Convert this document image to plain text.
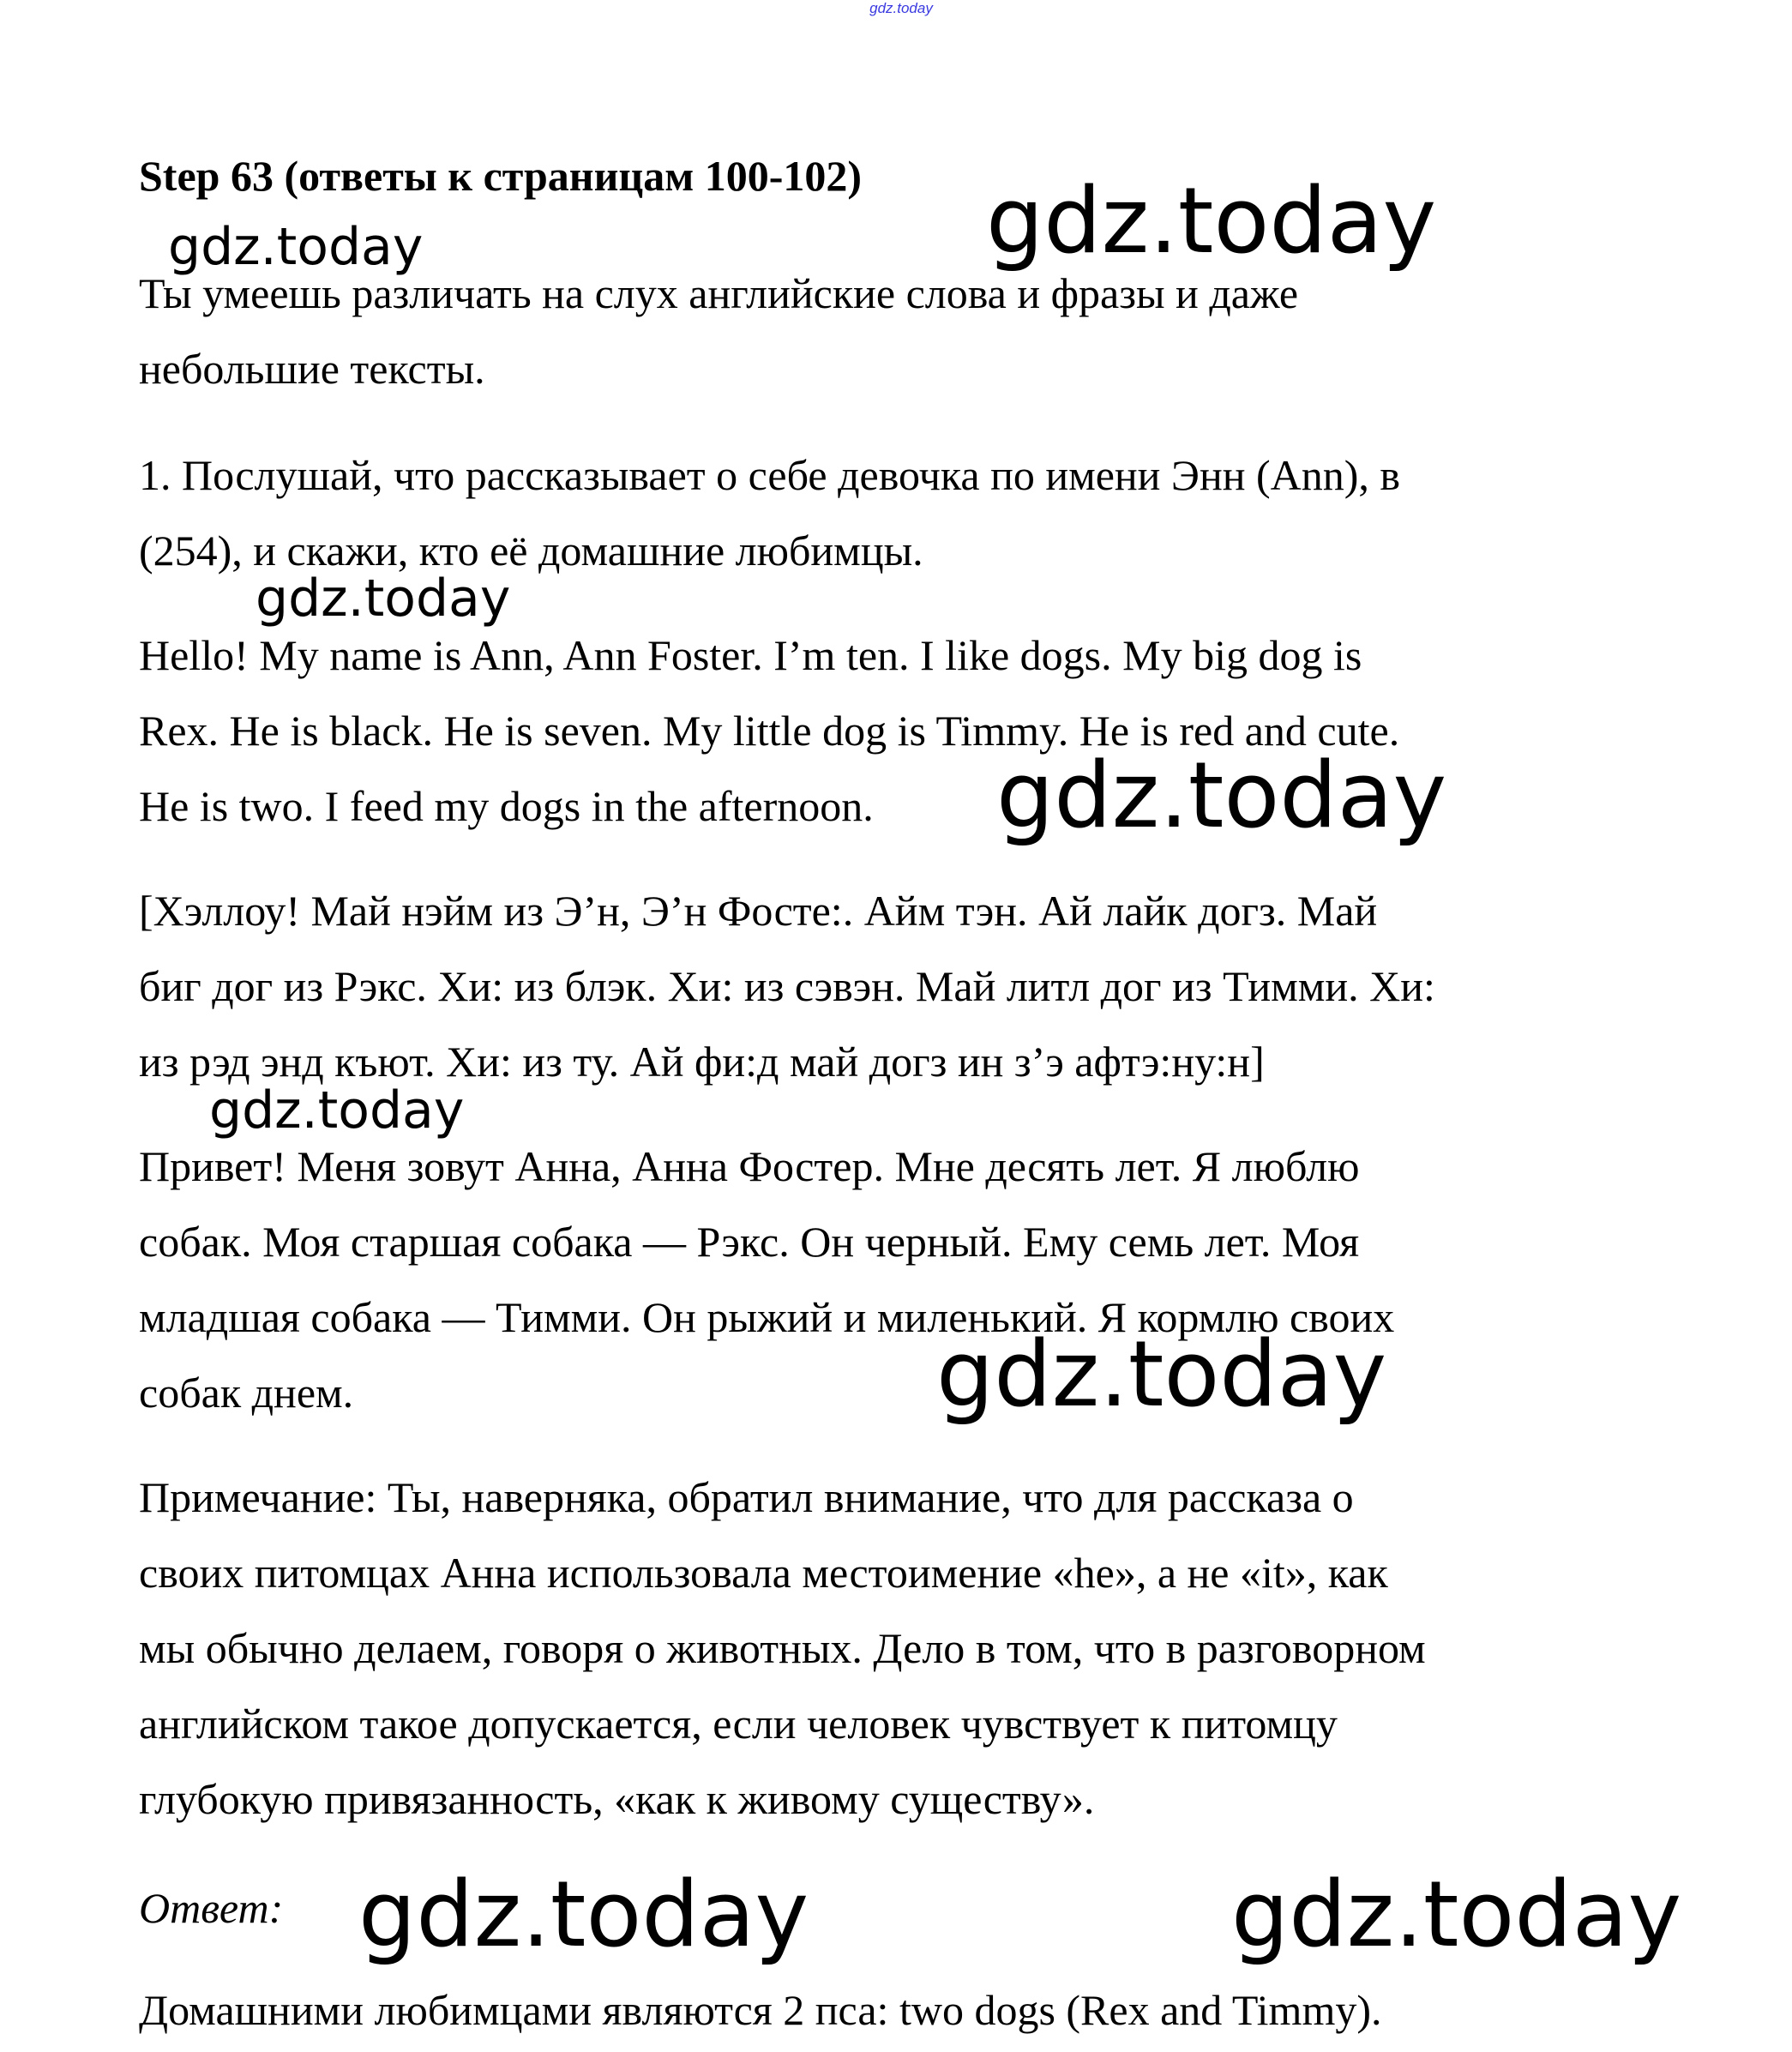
gdz.today
Step 63 (ответы к страницам 100-102)
Ты умеешь различать на слух английские слова и фразы и даже
небольшие тексты.
1. Послушай, что рассказывает о себе девочка по имени Энн (Ann), в
(254), и скажи, кто её домашние любимцы.
Hello! My name is Ann, Ann Foster. I’m ten. I like dogs. My big dog is
Rex. He is black. He is seven. My little dog is Timmy. He is red and cute.
He is two. I feed my dogs in the afternoon.
[Хэллоу! Май нэйм из Э’н, Э’н Фосте:. Айм тэн. Ай лайк догз. Май
биг дог из Рэкс. Хи: из блэк. Хи: из сэвэн. Май литл дог из Тимми. Хи:
из рэд энд къют. Хи: из ту. Ай фи:д май догз ин з’э афтэ:ну:н]
Привет! Меня зовут Анна, Анна Фостер. Мне десять лет. Я люблю
собак. Моя старшая собака — Рэкс. Он черный. Ему семь лет. Моя
младшая собака — Тимми. Он рыжий и миленький. Я кормлю своих
собак днем.
Примечание: Ты, наверняка, обратил внимание, что для рассказа о
своих питомцах Анна использовала местоимение «he», а не «it», как
мы обычно делаем, говоря о животных. Дело в том, что в разговорном
английском такое допускается, если человек чувствует к питомцу
глубокую привязанность, «как к живому существу».
Ответ:
Домашними любимцами являются 2 пса: two dogs (Rex and Timmy).
gdz.today	gdz.today
gdz.today
gdz.today
gdz.today
gdz.today
gdz.today	gdz.today
